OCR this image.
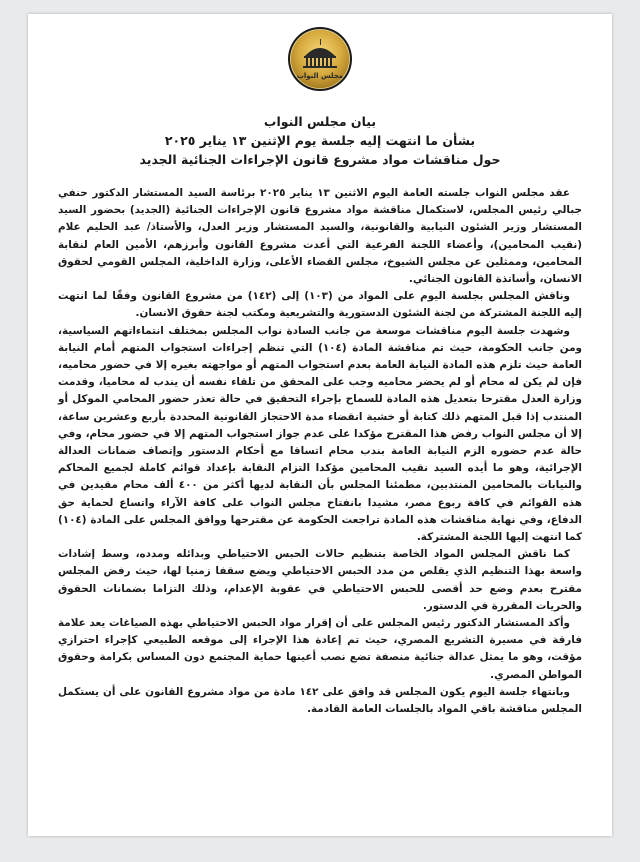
مجلس النواب
بيان مجلس النواب
بشأن ما انتهت إليه جلسة يوم الإثنين ١٣ يناير ٢٠٢٥
حول مناقشات مواد مشروع قانون الإجراءات الجنائية الجديد

عقد مجلس النواب جلسته العامة اليوم الاثنين ١٣ يناير ٢٠٢٥ برئاسة السيد المستشار الدكتور حنفي جبالي رئيس المجلس، لاستكمال مناقشة مواد مشروع قانون الإجراءات الجنائية (الجديد) بحضور السيد المستشار وزير الشئون النيابية والقانونية، والسيد المستشار وزير العدل، والأستاذ/ عبد الحليم علام (نقيب المحامين)، وأعضاء اللجنة الفرعية التي أعدت مشروع القانون وأبرزهم، الأمين العام لنقابة المحامين، وممثلين عن مجلس الشيوخ، مجلس القضاء الأعلى، وزارة الداخلية، المجلس القومي لحقوق الانسان، وأساتذة القانون الجنائي.

وناقش المجلس بجلسة اليوم على المواد من (١٠٣) إلى (١٤٢) من مشروع القانون وفقًا لما انتهت إليه اللجنة المشتركة من لجنة الشئون الدستورية والتشريعية ومكتب لجنة حقوق الانسان.

وشهدت جلسة اليوم مناقشات موسعة من جانب السادة نواب المجلس بمختلف انتماءاتهم السياسية، ومن جانب الحكومة، حيث تم مناقشة المادة (١٠٤) التي تنظم إجراءات استجواب المتهم أمام النيابة العامة حيث تلزم هذه المادة النيابة العامة بعدم استجواب المتهم أو مواجهته بغيره إلا في حضور محاميه، فإن لم يكن له محام أو لم يحضر محاميه وجب على المحقق من تلقاء نفسه أن يندب له محاميا، وقدمت وزارة العدل مقترحا بتعديل هذه المادة للسماح بإجراء التحقيق في حالة تعذر حضور المحامي الموكل أو المنتدب إذا قبل المتهم ذلك كتابة أو خشية انقضاء مدة الاحتجاز القانونية المحددة بأربع وعشرين ساعة، إلا أن مجلس النواب رفض هذا المقترح مؤكدا على عدم جواز استجواب المتهم إلا في حضور محام، وفي حالة عدم حضوره الزم النيابة العامة بندب محام اتساقا مع أحكام الدستور وإتصاف ضمانات العدالة الإجرائية، وهو ما أيده السيد نقيب المحامين مؤكدا التزام النقابة بإعداد قوائم كاملة لجميع المحاكم والنيابات بالمحامين المنتدبين، مطمئنا المجلس بأن النقابة لديها أكثر من ٤٠٠ ألف محام مقيدين في هذه القوائم في كافة ربوع مصر، مشيدا بانفتاح مجلس النواب على كافة الآراء واتساع لحماية حق الدفاع، وفي نهاية مناقشات هذه المادة تراجعت الحكومة عن مقترحها ووافق المجلس على المادة (١٠٤) كما انتهت إليها اللجنة المشتركة.

كما ناقش المجلس المواد الخاصة بتنظيم حالات الحبس الاحتياطي وبدائله ومدده، وسط إشادات واسعة بهذا التنظيم الذي يقلص من مدد الحبس الاحتياطي ويضع سقفا زمنيا لها، حيث رفض المجلس مقترح بعدم وضع حد أقصى للحبس الاحتياطي في عقوبة الإعدام، وذلك التزاما بضمانات الحقوق والحريات المقررة في الدستور.

وأكد المستشار الدكتور رئيس المجلس على أن إقرار مواد الحبس الاحتياطي بهذه الصياغات يعد علامة فارقة في مسيرة التشريع المصري، حيث تم إعادة هذا الإجراء إلى موقعه الطبيعي كإجراء احترازي مؤقت، وهو ما يمثل عدالة جنائية منصفة تضع نصب أعينها حماية المجتمع دون المساس بكرامة وحقوق المواطن المصري.

وبانتهاء جلسة اليوم يكون المجلس قد وافق على ١٤٢ مادة من مواد مشروع القانون على أن يستكمل المجلس مناقشة باقي المواد بالجلسات العامة القادمة.
